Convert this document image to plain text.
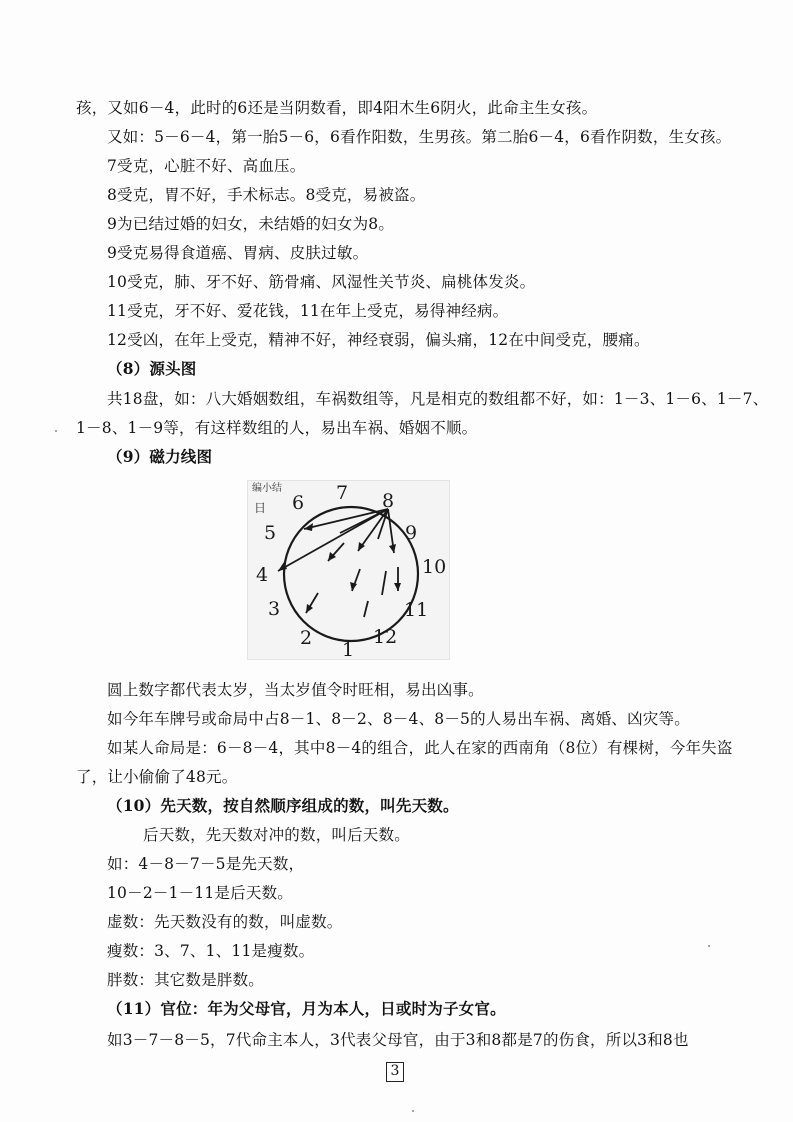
孩，又如6－4，此时的6还是当阴数看，即4阳木生6阴火，此命主生女孩。
又如：5－6－4，第一胎5－6，6看作阳数，生男孩。第二胎6－4，6看作阴数，生女孩。
7受克，心脏不好、高血压。
8受克，胃不好，手术标志。8受克，易被盗。
9为已结过婚的妇女，未结婚的妇女为8。
9受克易得食道癌、胃病、皮肤过敏。
10受克，肺、牙不好、筋骨痛、风湿性关节炎、扁桃体发炎。
11受克，牙不好、爱花钱，11在年上受克，易得神经病。
12受凶，在年上受克，精神不好，神经衰弱，偏头痛，12在中间受克，腰痛。
（8）源头图
共18盘，如：八大婚姻数组，车祸数组等，凡是相克的数组都不好，如：1－3、1－6、1－7、
1－8、1－9等，有这样数组的人，易出车祸、婚姻不顺。
（9）磁力线图
编小结
日
1
2
3
4
5
6 7 8
9
10
11
12
圆上数字都代表太岁，当太岁值令时旺相，易出凶事。
如今年车牌号或命局中占8－1、8－2、8－4、8－5的人易出车祸、离婚、凶灾等。
如某人命局是：6－8－4，其中8－4的组合，此人在家的西南角（8位）有棵树，今年失盗
了，让小偷偷了48元。
（10）先天数，按自然顺序组成的数，叫先天数。
后天数，先天数对冲的数，叫后天数。
如：4－8－7－5是先天数，
10－2－1－11是后天数。
虚数：先天数没有的数，叫虚数。
瘦数：3、7、1、11是瘦数。
胖数：其它数是胖数。
（11）官位：年为父母官，月为本人，日或时为子女官。
如3－7－8－5，7代命主本人，3代表父母官，由于3和8都是7的伤食，所以3和8也
3
